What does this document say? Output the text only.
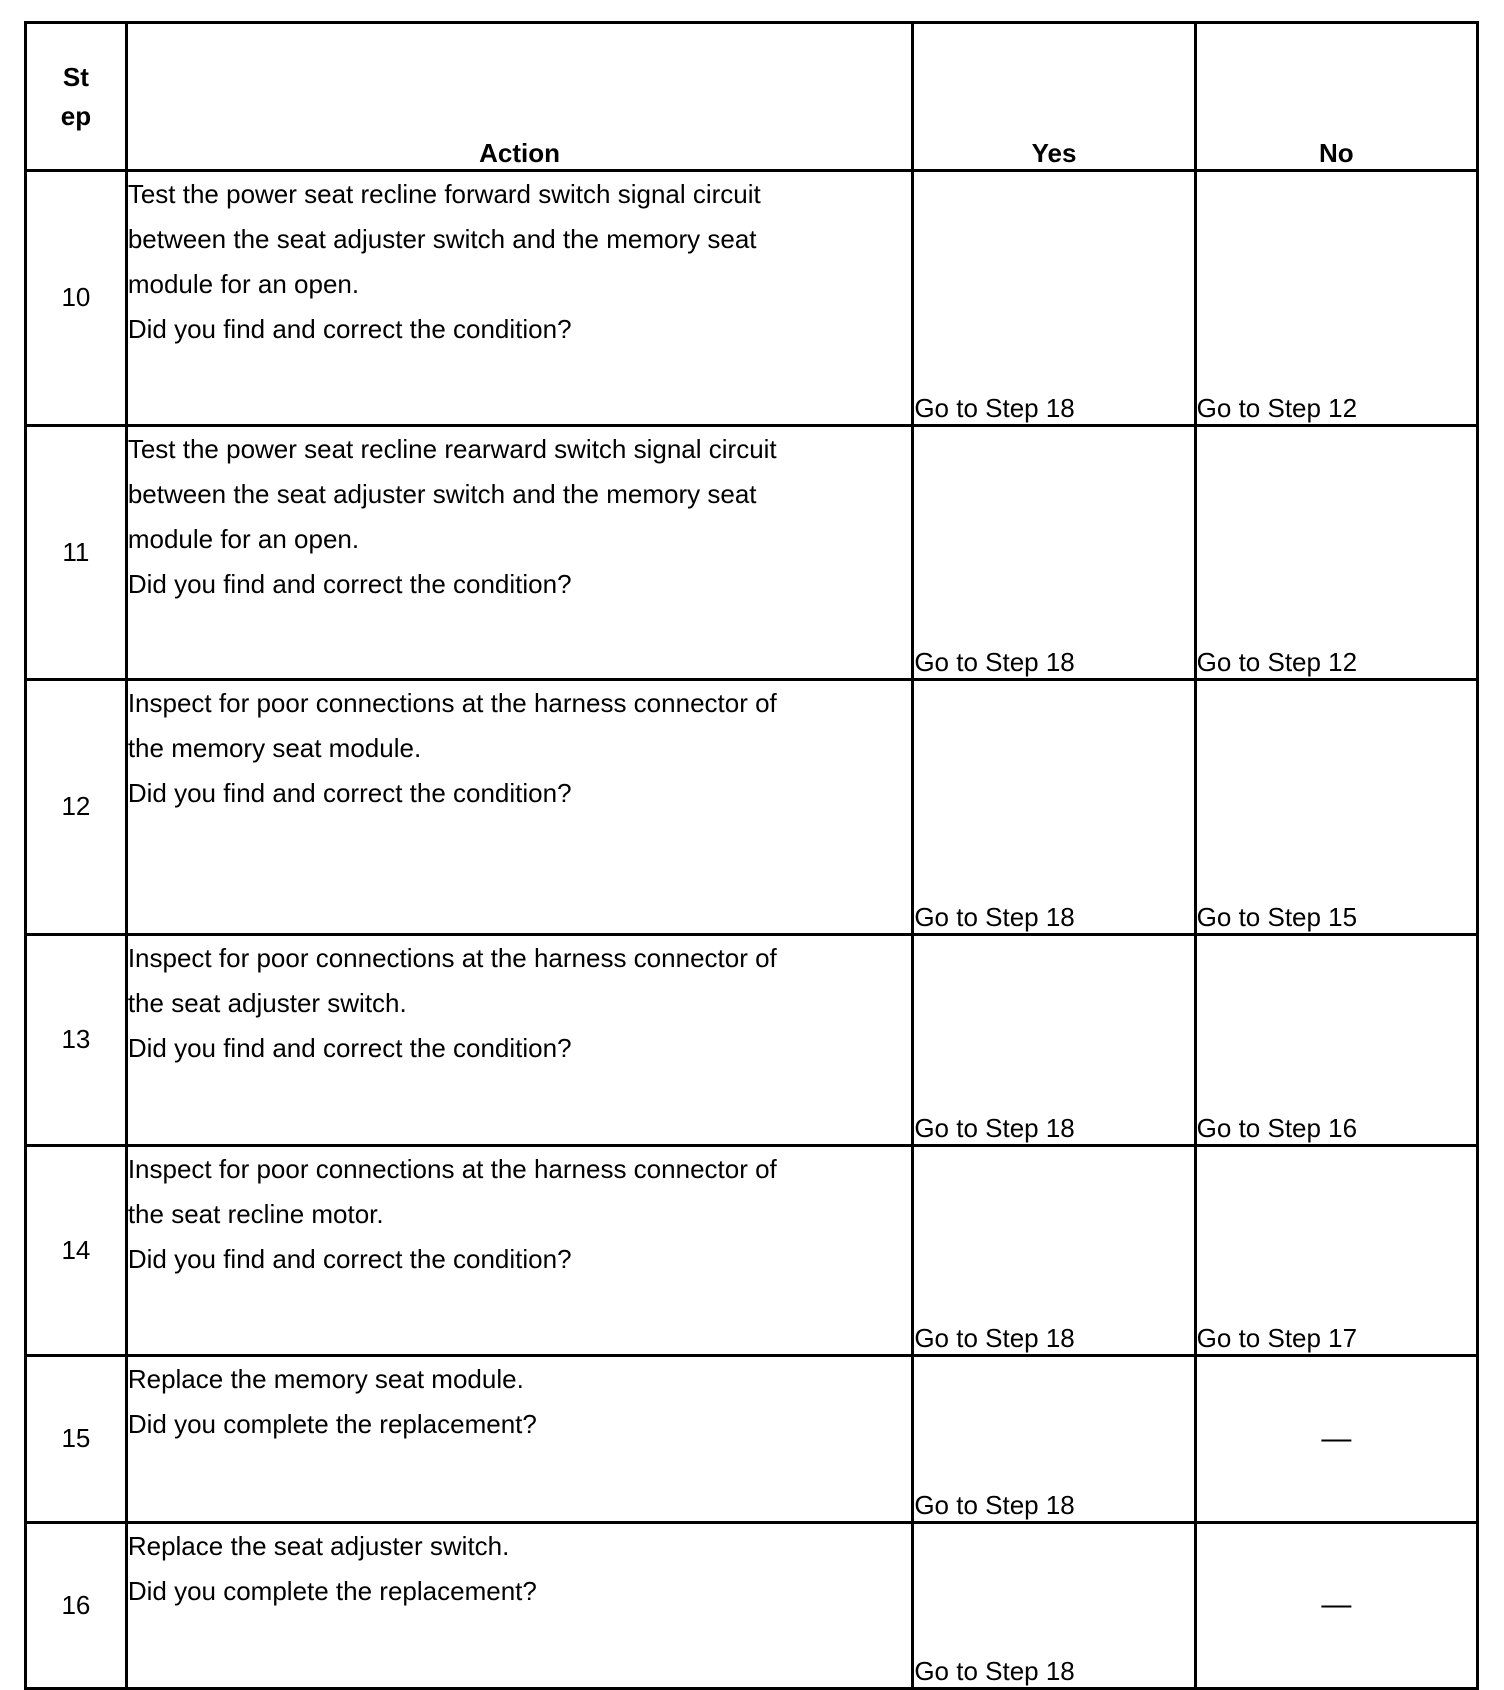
St
ep	Action	Yes	No
10	Test the power seat recline forward switch signal circuit
between the seat adjuster switch and the memory seat
module for an open.
Did you find and correct the condition?	Go to Step 18	Go to Step 12
11	Test the power seat recline rearward switch signal circuit
between the seat adjuster switch and the memory seat
module for an open.
Did you find and correct the condition?	Go to Step 18	Go to Step 12
12	Inspect for poor connections at the harness connector of
the memory seat module.
Did you find and correct the condition?	Go to Step 18	Go to Step 15
13	Inspect for poor connections at the harness connector of
the seat adjuster switch.
Did you find and correct the condition?	Go to Step 18	Go to Step 16
14	Inspect for poor connections at the harness connector of
the seat recline motor.
Did you find and correct the condition?	Go to Step 18	Go to Step 17
15	Replace the memory seat module.
Did you complete the replacement?	Go to Step 18	—
16	Replace the seat adjuster switch.
Did you complete the replacement?	Go to Step 18	—
